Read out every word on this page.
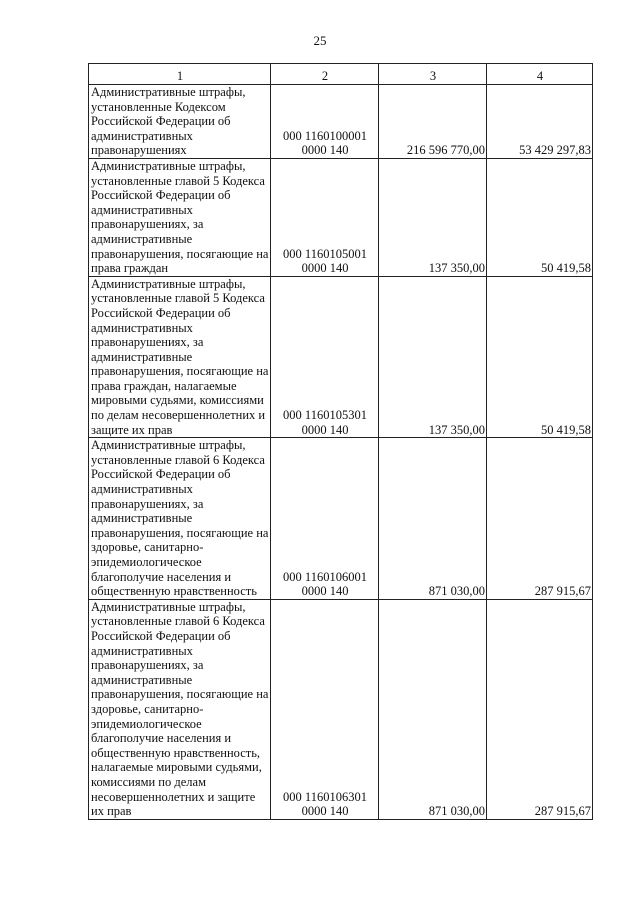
25
1	2	3	4
Административные штрафы, установленные Кодексом Российской Федерации об административных правонарушениях	000 1160100001 0000 140	216 596 770,00	53 429 297,83
Административные штрафы, установленные главой 5 Кодекса Российской Федерации об административных правонарушениях, за административные правонарушения, посягающие на права граждан	000 1160105001 0000 140	137 350,00	50 419,58
Административные штрафы, установленные главой 5 Кодекса Российской Федерации об административных правонарушениях, за административные правонарушения, посягающие на права граждан, налагаемые мировыми судьями, комиссиями по делам несовершеннолетних и защите их прав	000 1160105301 0000 140	137 350,00	50 419,58
Административные штрафы, установленные главой 6 Кодекса Российской Федерации об административных правонарушениях, за административные правонарушения, посягающие на здоровье, санитарно-эпидемиологическое благополучие населения и общественную нравственность	000 1160106001 0000 140	871 030,00	287 915,67
Административные штрафы, установленные главой 6 Кодекса Российской Федерации об административных правонарушениях, за административные правонарушения, посягающие на здоровье, санитарно-эпидемиологическое благополучие населения и общественную нравственность, налагаемые мировыми судьями, комиссиями по делам несовершеннолетних и защите их прав	000 1160106301 0000 140	871 030,00	287 915,67
